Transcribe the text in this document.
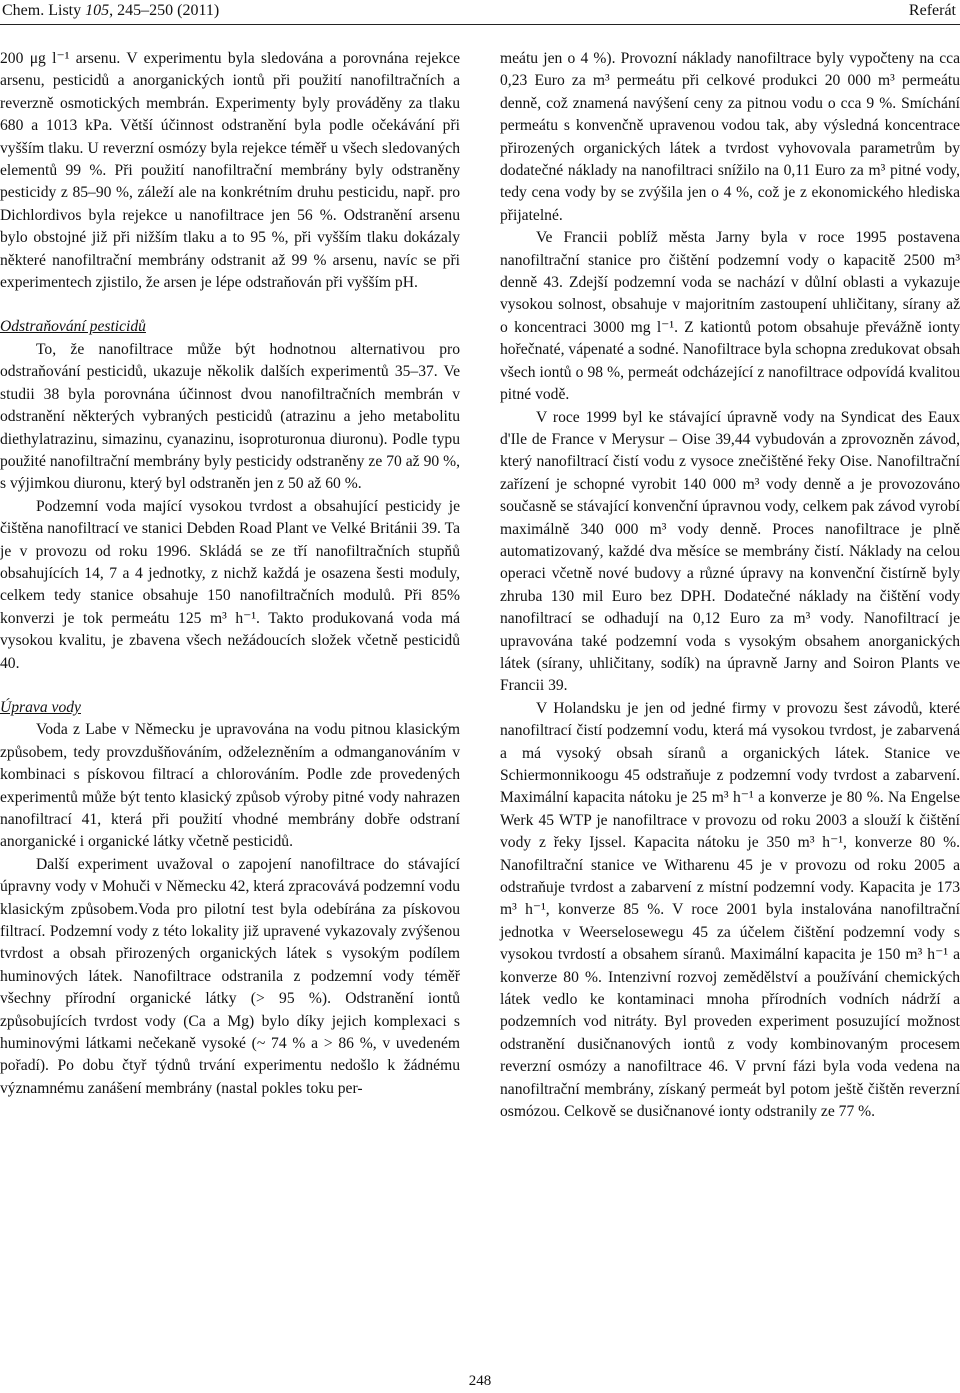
Chem. Listy 105, 245–250 (2011)	Referát

200 μg l⁻¹ arsenu. V experimentu byla sledována a porovnána rejekce arsenu, pesticidů a anorganických iontů při použití nanofiltračních a reverzně osmotických membrán. Experimenty byly prováděny za tlaku 680 a 1013 kPa. Větší účinnost odstranění byla podle očekávání při vyšším tlaku. U reverzní osmózy byla rejekce téměř u všech sledovaných elementů 99 %. Při použití nanofiltrační membrány byly odstraněny pesticidy z 85–90 %, záleží ale na konkrétním druhu pesticidu, např. pro Dichlordivos byla rejekce u nanofiltrace jen 56 %. Odstranění arsenu bylo obstojné již při nižším tlaku a to 95 %, při vyšším tlaku dokázaly některé nanofiltrační membrány odstranit až 99 % arsenu, navíc se při experimentech zjistilo, že arsen je lépe odstraňován při vyšším pH.

Odstraňování pesticidů

To, že nanofiltrace může být hodnotnou alternativou pro odstraňování pesticidů, ukazuje několik dalších experimentů 35–37. Ve studii 38 byla porovnána účinnost dvou nanofiltračních membrán v odstranění některých vybraných pesticidů (atrazinu a jeho metabolitu diethylatrazinu, simazinu, cyanazinu, isoproturonua diuronu). Podle typu použité nanofiltrační membrány byly pesticidy odstraněny ze 70 až 90 %, s výjimkou diuronu, který byl odstraněn jen z 50 až 60 %.

Podzemní voda mající vysokou tvrdost a obsahující pesticidy je čištěna nanofiltrací ve stanici Debden Road Plant ve Velké Británii 39. Ta je v provozu od roku 1996. Skládá se ze tří nanofiltračních stupňů obsahujících 14, 7 a 4 jednotky, z nichž každá je osazena šesti moduly, celkem tedy stanice obsahuje 150 nanofiltračních modulů. Při 85% konverzi je tok permeátu 125 m³ h⁻¹. Takto produkovaná voda má vysokou kvalitu, je zbavena všech nežádoucích složek včetně pesticidů 40.

Úprava vody

Voda z Labe v Německu je upravována na vodu pitnou klasickým způsobem, tedy provzdušňováním, odželezněním a odmanganováním v kombinaci s pískovou filtrací a chlorováním. Podle zde provedených experimentů může být tento klasický způsob výroby pitné vody nahrazen nanofiltrací 41, která při použití vhodné membrány dobře odstraní anorganické i organické látky včetně pesticidů.

Další experiment uvažoval o zapojení nanofiltrace do stávající úpravny vody v Mohuči v Německu 42, která zpracovává podzemní vodu klasickým způsobem.Voda pro pilotní test byla odebírána za pískovou filtrací. Podzemní vody z této lokality již upravené vykazovaly zvýšenou tvrdost a obsah přirozených organických látek s vysokým podílem huminových látek. Nanofiltrace odstranila z podzemní vody téměř všechny přírodní organické látky (> 95 %). Odstranění iontů způsobujících tvrdost vody (Ca a Mg) bylo díky jejich komplexaci s huminovými látkami nečekaně vysoké (~ 74 % a > 86 %, v uvedeném pořadí). Po dobu čtyř týdnů trvání experimentu nedošlo k žádnému významnému zanášení membrány (nastal pokles toku per-

meátu jen o 4 %). Provozní náklady nanofiltrace byly vypočteny na cca 0,23 Euro za m³ permeátu při celkové produkci 20 000 m³ permeátu denně, což znamená navýšení ceny za pitnou vodu o cca 9 %. Smíchání permeátu s konvenčně upravenou vodou tak, aby výsledná koncentrace přirozených organických látek a tvrdost vyhovovala parametrům by dodatečné náklady na nanofiltraci snížilo na 0,11 Euro za m³ pitné vody, tedy cena vody by se zvýšila jen o 4 %, což je z ekonomického hlediska přijatelné.

Ve Francii poblíž města Jarny byla v roce 1995 postavena nanofiltrační stanice pro čištění podzemní vody o kapacitě 2500 m³ denně 43. Zdejší podzemní voda se nachází v důlní oblasti a vykazuje vysokou solnost, obsahuje v majoritním zastoupení uhličitany, sírany až o koncentraci 3000 mg l⁻¹. Z kationtů potom obsahuje převážně ionty hořečnaté, vápenaté a sodné. Nanofiltrace byla schopna zredukovat obsah všech iontů o 98 %, permeát odcházející z nanofiltrace odpovídá kvalitou pitné vodě.

V roce 1999 byl ke stávající úpravně vody na Syndicat des Eaux d'Ile de France v Merysur – Oise 39,44 vybudován a zprovozněn závod, který nanofiltrací čistí vodu z vysoce znečištěné řeky Oise. Nanofiltrační zařízení je schopné vyrobit 140 000 m³ vody denně a je provozováno současně se stávající konvenční úpravnou vody, celkem pak závod vyrobí maximálně 340 000 m³ vody denně. Proces nanofiltrace je plně automatizovaný, každé dva měsíce se membrány čistí. Náklady na celou operaci včetně nové budovy a různé úpravy na konvenční čistírně byly zhruba 130 mil Euro bez DPH. Dodatečné náklady na čištění vody nanofiltrací se odhadují na 0,12 Euro za m³ vody. Nanofiltrací je upravována také podzemní voda s vysokým obsahem anorganických látek (sírany, uhličitany, sodík) na úpravně Jarny and Soiron Plants ve Francii 39.

V Holandsku je jen od jedné firmy v provozu šest závodů, které nanofiltrací čistí podzemní vodu, která má vysokou tvrdost, je zabarvená a má vysoký obsah síranů a organických látek. Stanice ve Schiermonnikoogu 45 odstraňuje z podzemní vody tvrdost a zabarvení. Maximální kapacita nátoku je 25 m³ h⁻¹ a konverze je 80 %. Na Engelse Werk 45 WTP je nanofiltrace v provozu od roku 2003 a slouží k čištění vody z řeky Ijssel. Kapacita nátoku je 350 m³ h⁻¹, konverze 80 %. Nanofiltrační stanice ve Witharenu 45 je v provozu od roku 2005 a odstraňuje tvrdost a zabarvení z místní podzemní vody. Kapacita je 173 m³ h⁻¹, konverze 85 %. V roce 2001 byla instalována nanofiltrační jednotka v Weerselosewegu 45 za účelem čištění podzemní vody s vysokou tvrdostí a obsahem síranů. Maximální kapacita je 150 m³ h⁻¹ a konverze 80 %. Intenzivní rozvoj zemědělství a používání chemických látek vedlo ke kontaminaci mnoha přírodních vodních nádrží a podzemních vod nitráty. Byl proveden experiment posuzující možnost odstranění dusičnanových iontů z vody kombinovaným procesem reverzní osmózy a nanofiltrace 46. V první fázi byla voda vedena na nanofiltrační membrány, získaný permeát byl potom ještě čištěn reverzní osmózou. Celkově se dusičnanové ionty odstranily ze 77 %.

248
